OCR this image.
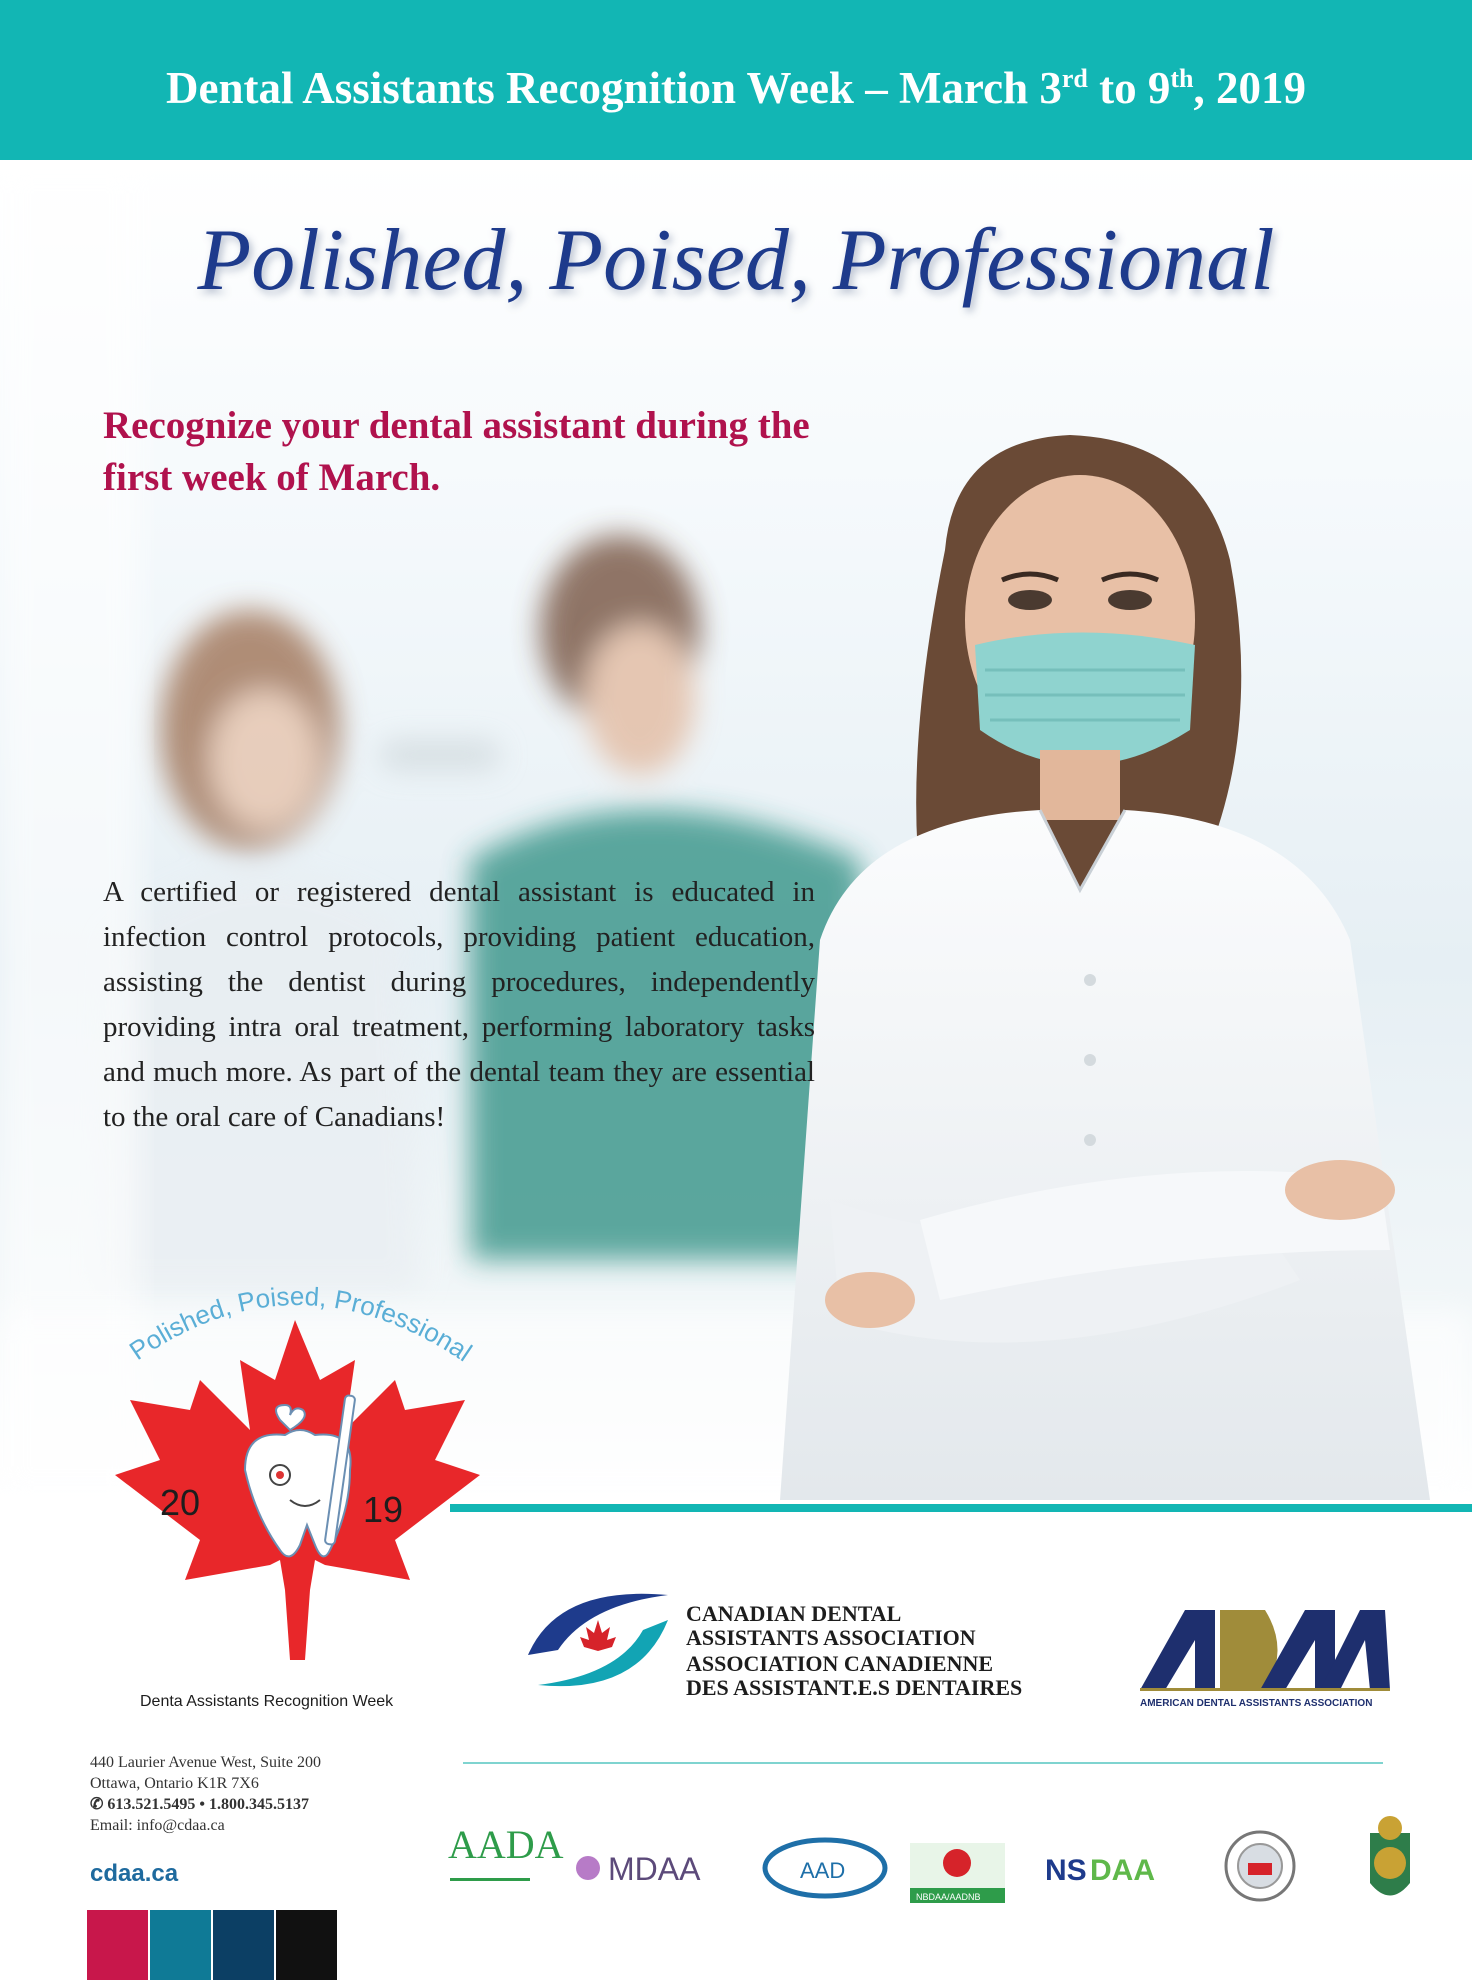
Dental Assistants Recognition Week – March 3rd to 9th, 2019
Polished, Poised, Professional
Recognize your dental assistant during the
first week of March.
A certified or registered dental assistant is educated in infection control protocols, providing patient education, assisting the dentist during procedures, independently providing intra oral treatment, performing laboratory tasks and much more. As part of the dental team they are essential to the oral care of Canadians!
Polished, Poised, Professional
20	19
Denta Assistants Recognition Week
CANADIAN DENTAL
ASSISTANTS ASSOCIATION
ASSOCIATION CANADIENNE
DES ASSISTANT.E.S DENTAIRES
AMERICAN DENTAL ASSISTANTS ASSOCIATION
440 Laurier Avenue West, Suite 200
Ottawa, Ontario K1R 7X6
✆ 613.521.5495 • 1.800.345.5137
Email: info@cdaa.ca
cdaa.ca
AADA
MDAA	AAD
NBDAA/AADNB
NS DAA
